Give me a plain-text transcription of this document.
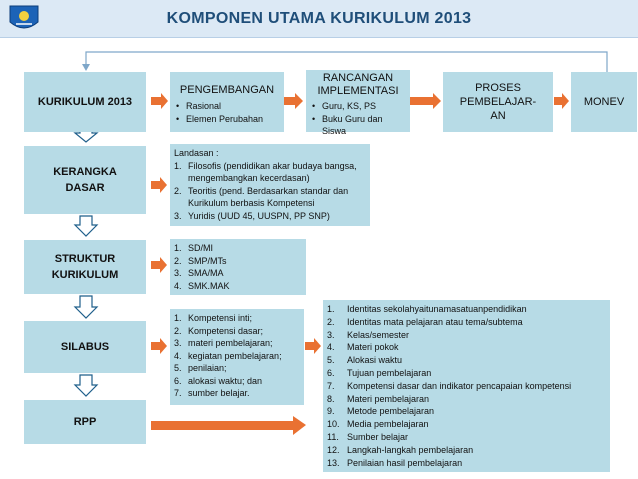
KOMPONEN UTAMA KURIKULUM 2013
KURIKULUM 2013
PENGEMBANGAN
• Rasional
• Elemen Perubahan
RANCANGAN
IMPLEMENTASI
• Guru, KS, PS
• Buku Guru dan Siswa
PROSES
PEMBELAJAR-
AN
MONEV
KERANGKA
DASAR
STRUKTUR
KURIKULUM
SILABUS
RPP
Landasan :
1. Filosofis (pendidikan akar budaya bangsa, mengembangkan kecerdasan)
2. Teoritis (pend. Berdasarkan standar dan Kurikulum berbasis Kompetensi
3. Yuridis (UUD 45, UUSPN, PP SNP)
1. SD/MI
2. SMP/MTs
3. SMA/MA
4. SMK.MAK
1. Kompetensi inti;
2. Kompetensi dasar;
3. materi pembelajaran;
4. kegiatan pembelajaran;
5. penilaian;
6. alokasi waktu; dan
7. sumber belajar.
1. Identitas sekolahyaitunamasatuanpendidikan
2. Identitas mata pelajaran atau tema/subtema
3. Kelas/semester
4. Materi pokok
5. Alokasi waktu
6. Tujuan pembelajaran
7. Kompetensi dasar dan indikator pencapaian kompetensi
8. Materi pembelajaran
9. Metode pembelajaran
10. Media pembelajaran
11. Sumber belajar
12. Langkah-langkah pembelajaran
13. Penilaian hasil pembelajaran
